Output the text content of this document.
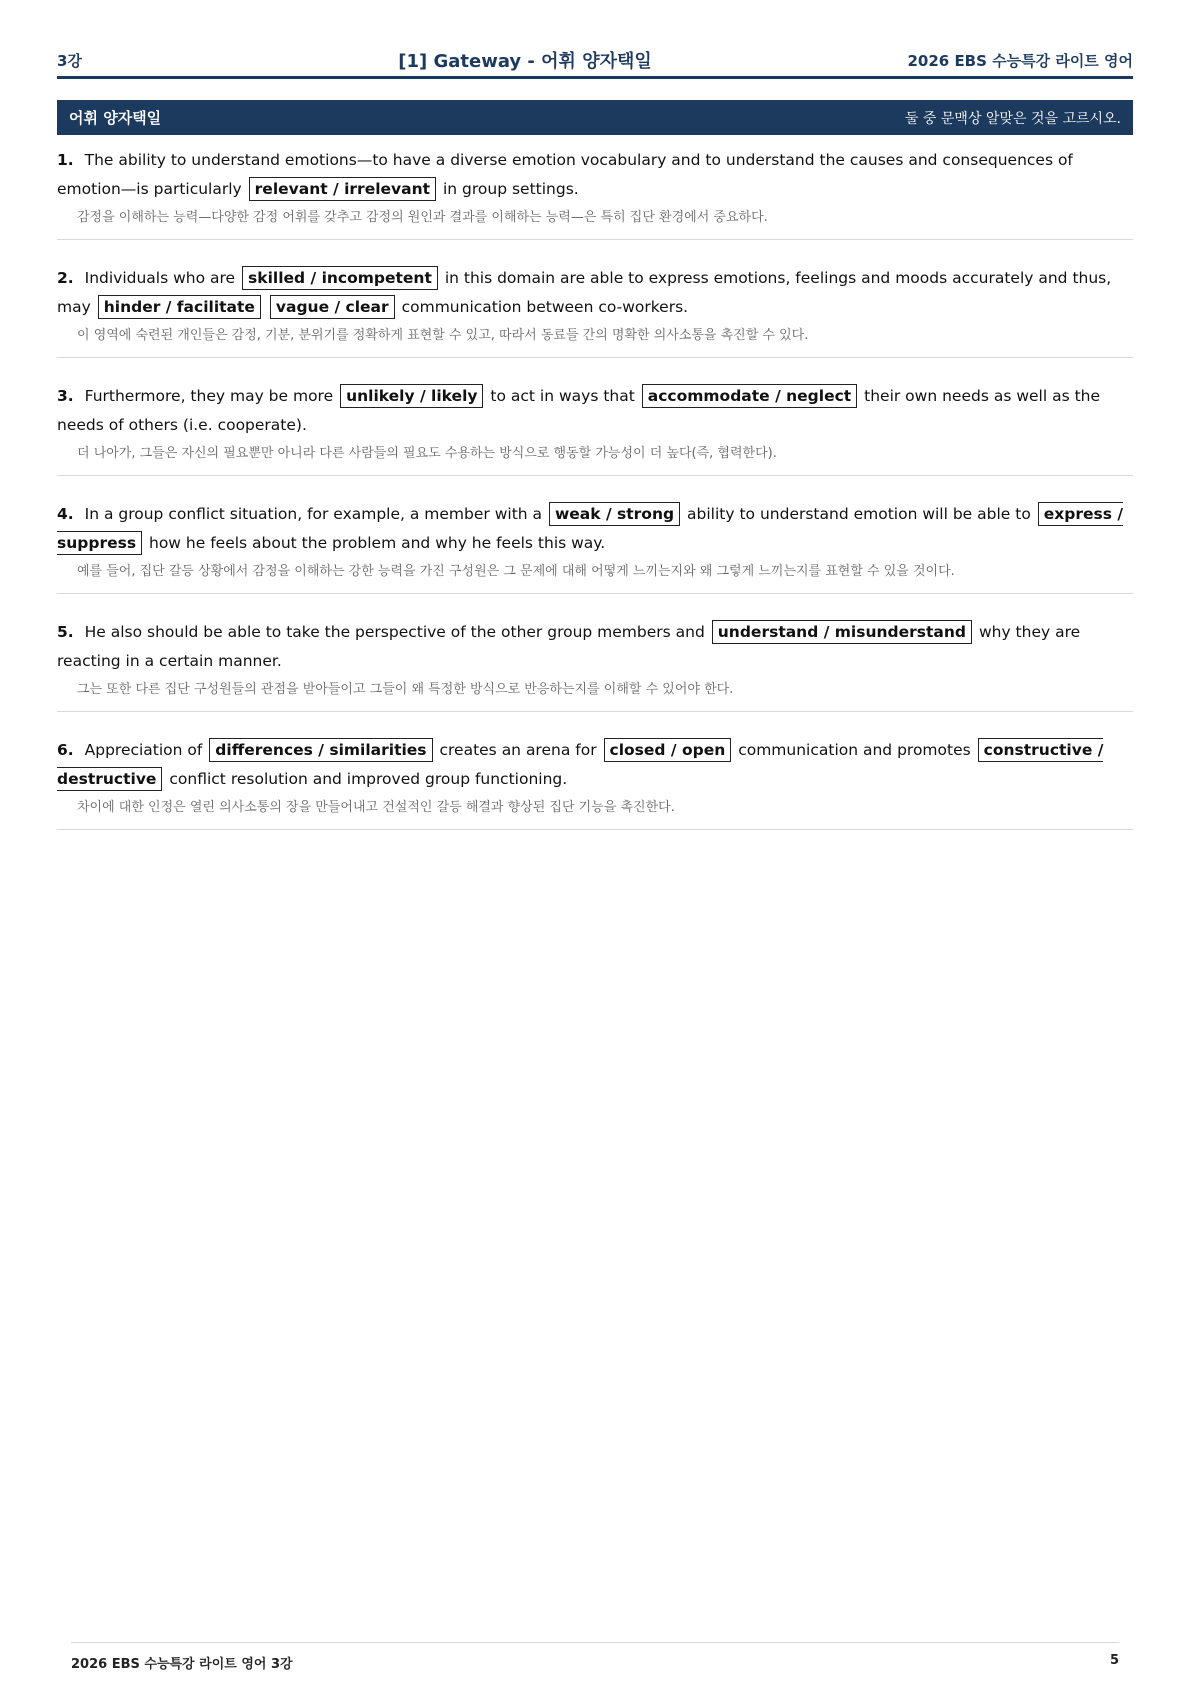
3강	[1] Gateway - 어휘 양자택일	2026 EBS 수능특강 라이트 영어
어휘 양자택일	둘 중 문맥상 알맞은 것을 고르시오.
1. The ability to understand emotions—to have a diverse emotion vocabulary and to understand the causes and consequences of emotion—is particularly relevant / irrelevant in group settings.
감정을 이해하는 능력—다양한 감정 어휘를 갖추고 감정의 원인과 결과를 이해하는 능력—은 특히 집단 환경에서 중요하다.
2. Individuals who are skilled / incompetent in this domain are able to express emotions, feelings and moods accurately and thus, may hinder / facilitate vague / clear communication between co-workers.
이 영역에 숙련된 개인들은 감정, 기분, 분위기를 정확하게 표현할 수 있고, 따라서 동료들 간의 명확한 의사소통을 촉진할 수 있다.
3. Furthermore, they may be more unlikely / likely to act in ways that accommodate / neglect their own needs as well as the needs of others (i.e. cooperate).
더 나아가, 그들은 자신의 필요뿐만 아니라 다른 사람들의 필요도 수용하는 방식으로 행동할 가능성이 더 높다(즉, 협력한다).
4. In a group conflict situation, for example, a member with a weak / strong ability to understand emotion will be able to express / suppress how he feels about the problem and why he feels this way.
예를 들어, 집단 갈등 상황에서 감정을 이해하는 강한 능력을 가진 구성원은 그 문제에 대해 어떻게 느끼는지와 왜 그렇게 느끼는지를 표현할 수 있을 것이다.
5. He also should be able to take the perspective of the other group members and understand / misunderstand why they are reacting in a certain manner.
그는 또한 다른 집단 구성원들의 관점을 받아들이고 그들이 왜 특정한 방식으로 반응하는지를 이해할 수 있어야 한다.
6. Appreciation of differences / similarities creates an arena for closed / open communication and promotes constructive / destructive conflict resolution and improved group functioning.
차이에 대한 인정은 열린 의사소통의 장을 만들어내고 건설적인 갈등 해결과 향상된 집단 기능을 촉진한다.
2026 EBS 수능특강 라이트 영어 3강	5
